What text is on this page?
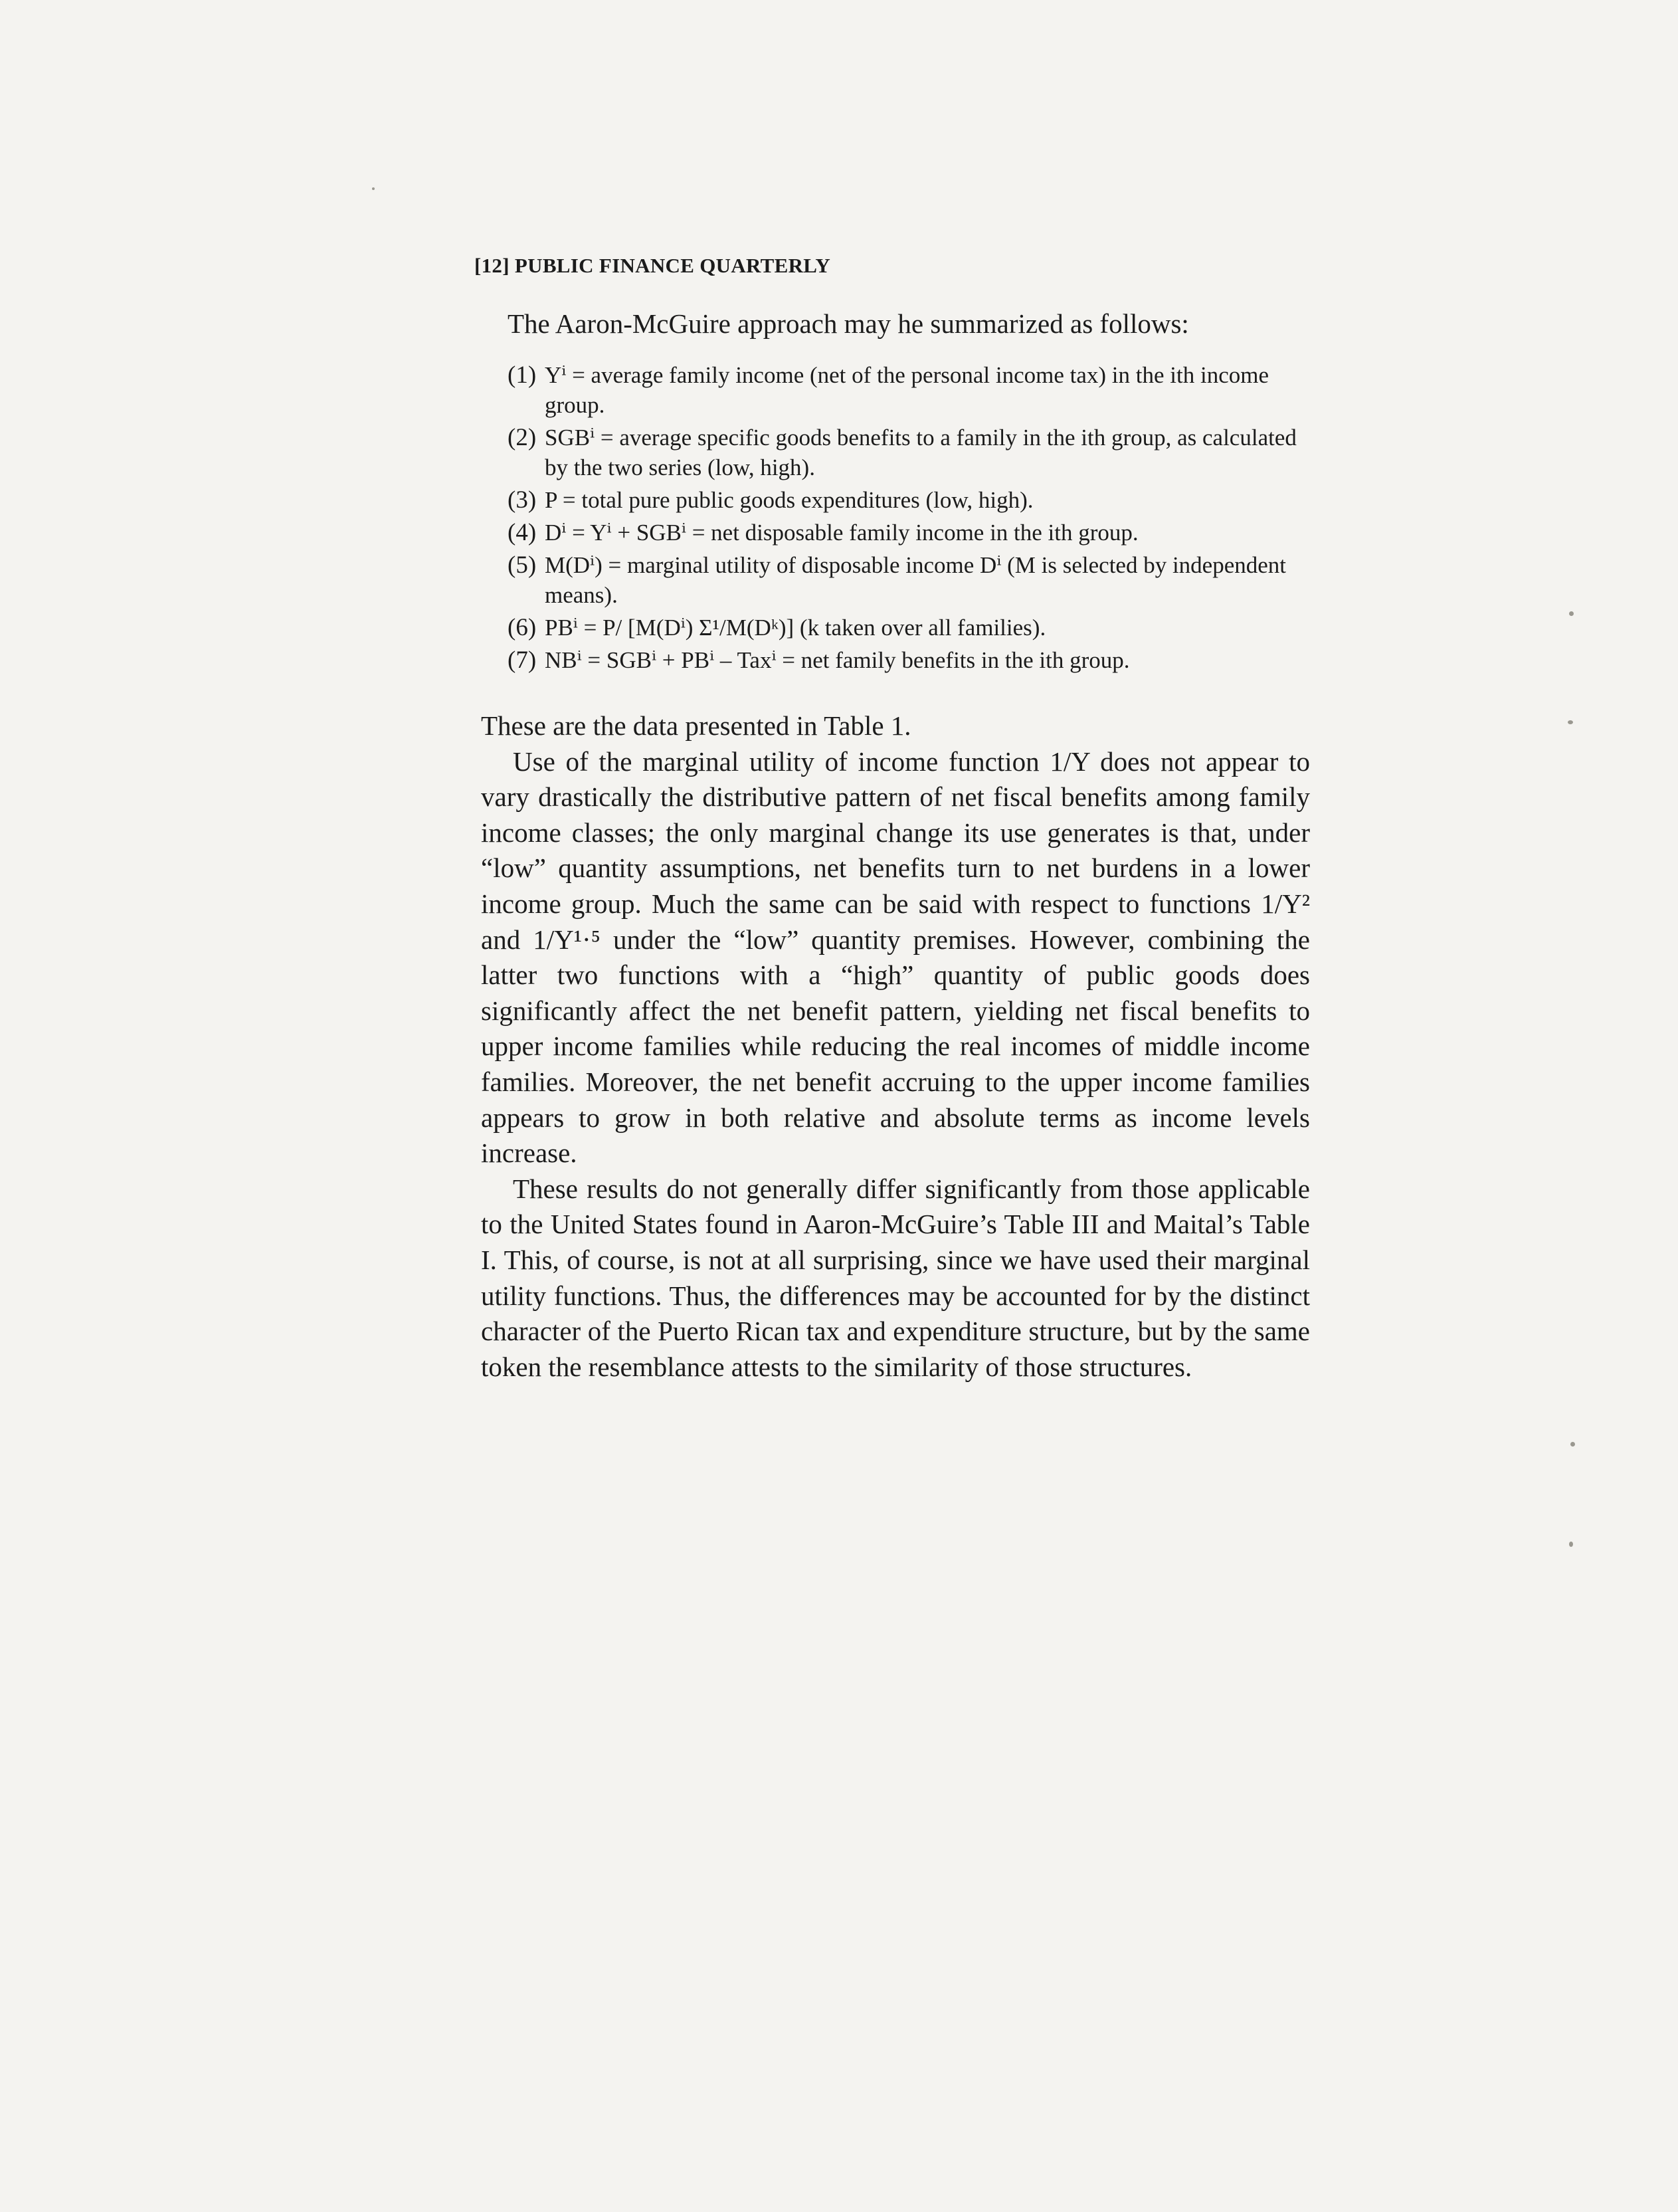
[12] PUBLIC FINANCE QUARTERLY

The Aaron-McGuire approach may he summarized as follows:

(1) Yⁱ = average family income (net of the personal income tax) in the ith income group.
(2) SGBⁱ = average specific goods benefits to a family in the ith group, as calculated by the two series (low, high).
(3) P = total pure public goods expenditures (low, high).
(4) Dⁱ = Yⁱ + SGBⁱ = net disposable family income in the ith group.
(5) M(Dⁱ) = marginal utility of disposable income Dⁱ (M is selected by independent means).
(6) PBⁱ = P/ [M(Dⁱ) Σ¹/M(Dᵏ)] (k taken over all families).
(7) NBⁱ = SGBⁱ + PBⁱ – Taxⁱ = net family benefits in the ith group.

These are the data presented in Table 1.

Use of the marginal utility of income function 1/Y does not appear to vary drastically the distributive pattern of net fiscal benefits among family income classes; the only marginal change its use generates is that, under “low” quantity assumptions, net benefits turn to net burdens in a lower income group. Much the same can be said with respect to functions 1/Y² and 1/Y¹·⁵ under the “low” quantity premises. However, combining the latter two functions with a “high” quantity of public goods does significantly affect the net benefit pattern, yielding net fiscal benefits to upper income families while reducing the real incomes of middle income families. Moreover, the net benefit accruing to the upper income families appears to grow in both relative and absolute terms as income levels increase.

These results do not generally differ significantly from those applicable to the United States found in Aaron-McGuire’s Table III and Maital’s Table I. This, of course, is not at all surprising, since we have used their marginal utility functions. Thus, the differences may be accounted for by the distinct character of the Puerto Rican tax and expenditure structure, but by the same token the resemblance attests to the similarity of those structures.
